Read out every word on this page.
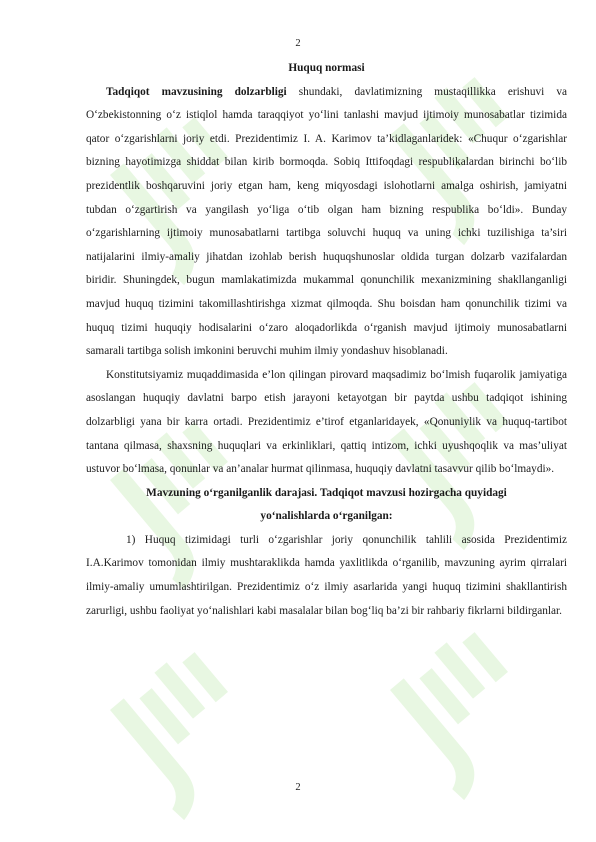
2

Huquq normasi

Tadqiqot mavzusining dolzarbligi shundaki, davlatimizning mustaqillikka erishuvi va O‘zbekistonning o‘z istiqlol hamda taraqqiyot yo‘lini tanlashi mavjud ijtimoiy munosabatlar tizimida qator o‘zgarishlarni joriy etdi. Prezidentimiz I. A. Karimov ta’kidlaganlaridek: «Chuqur o‘zgarishlar bizning hayotimizga shiddat bilan kirib bormoqda. Sobiq Ittifoqdagi respublikalardan birinchi bo‘lib prezidentlik boshqaruvini joriy etgan ham, keng miqyosdagi islohotlarni amalga oshirish, jamiyatni tubdan o‘zgartirish va yangilash yo‘liga o‘tib olgan ham bizning respublika bo‘ldi». Bunday o‘zgarishlarning ijtimoiy munosabatlarni tartibga soluvchi huquq va uning ichki tuzilishiga ta’siri natijalarini ilmiy-amaliy jihatdan izohlab berish huquqshunoslar oldida turgan dolzarb vazifalardan biridir. Shuningdek, bugun mamlakatimizda mukammal qonunchilik mexanizmining shakllanganligi mavjud huquq tizimini takomillashtirishga xizmat qilmoqda. Shu boisdan ham qonunchilik tizimi va huquq tizimi huquqiy hodisalarini o‘zaro aloqadorlikda o‘rganish mavjud ijtimoiy munosabatlarni samarali tartibga solish imkonini beruvchi muhim ilmiy yondashuv hisoblanadi.

Konstitutsiyamiz muqaddimasida e’lon qilingan pirovard maqsadimiz bo‘lmish fuqarolik jamiyatiga asoslangan huquqiy davlatni barpo etish jarayoni ketayotgan bir paytda ushbu tadqiqot ishining dolzarbligi yana bir karra ortadi. Prezidentimiz e’tirof etganlaridayek, «Qonuniylik va huquq-tartibot tantana qilmasa, shaxsning huquqlari va erkinliklari, qattiq intizom, ichki uyushqoqlik va mas’uliyat ustuvor bo‘lmasa, qonunlar va an’analar hurmat qilinmasa, huquqiy davlatni tasavvur qilib bo‘lmaydi».

Mavzuning o‘rganilganlik darajasi. Tadqiqot mavzusi hozirgacha quyidagi
yo‘nalishlarda o‘rganilgan:

1) Huquq tizimidagi turli o‘zgarishlar joriy qonunchilik tahlili asosida Prezidentimiz I.A.Karimov tomonidan ilmiy mushtaraklikda hamda yaxlitlikda o‘rganilib, mavzuning ayrim qirralari ilmiy-amaliy umumlashtirilgan. Prezidentimiz o‘z ilmiy asarlarida yangi huquq tizimini shakllantirish zarurligi, ushbu faoliyat yo‘nalishlari kabi masalalar bilan bog‘liq ba’zi bir rahbariy fikrlarni bildirganlar.

2
